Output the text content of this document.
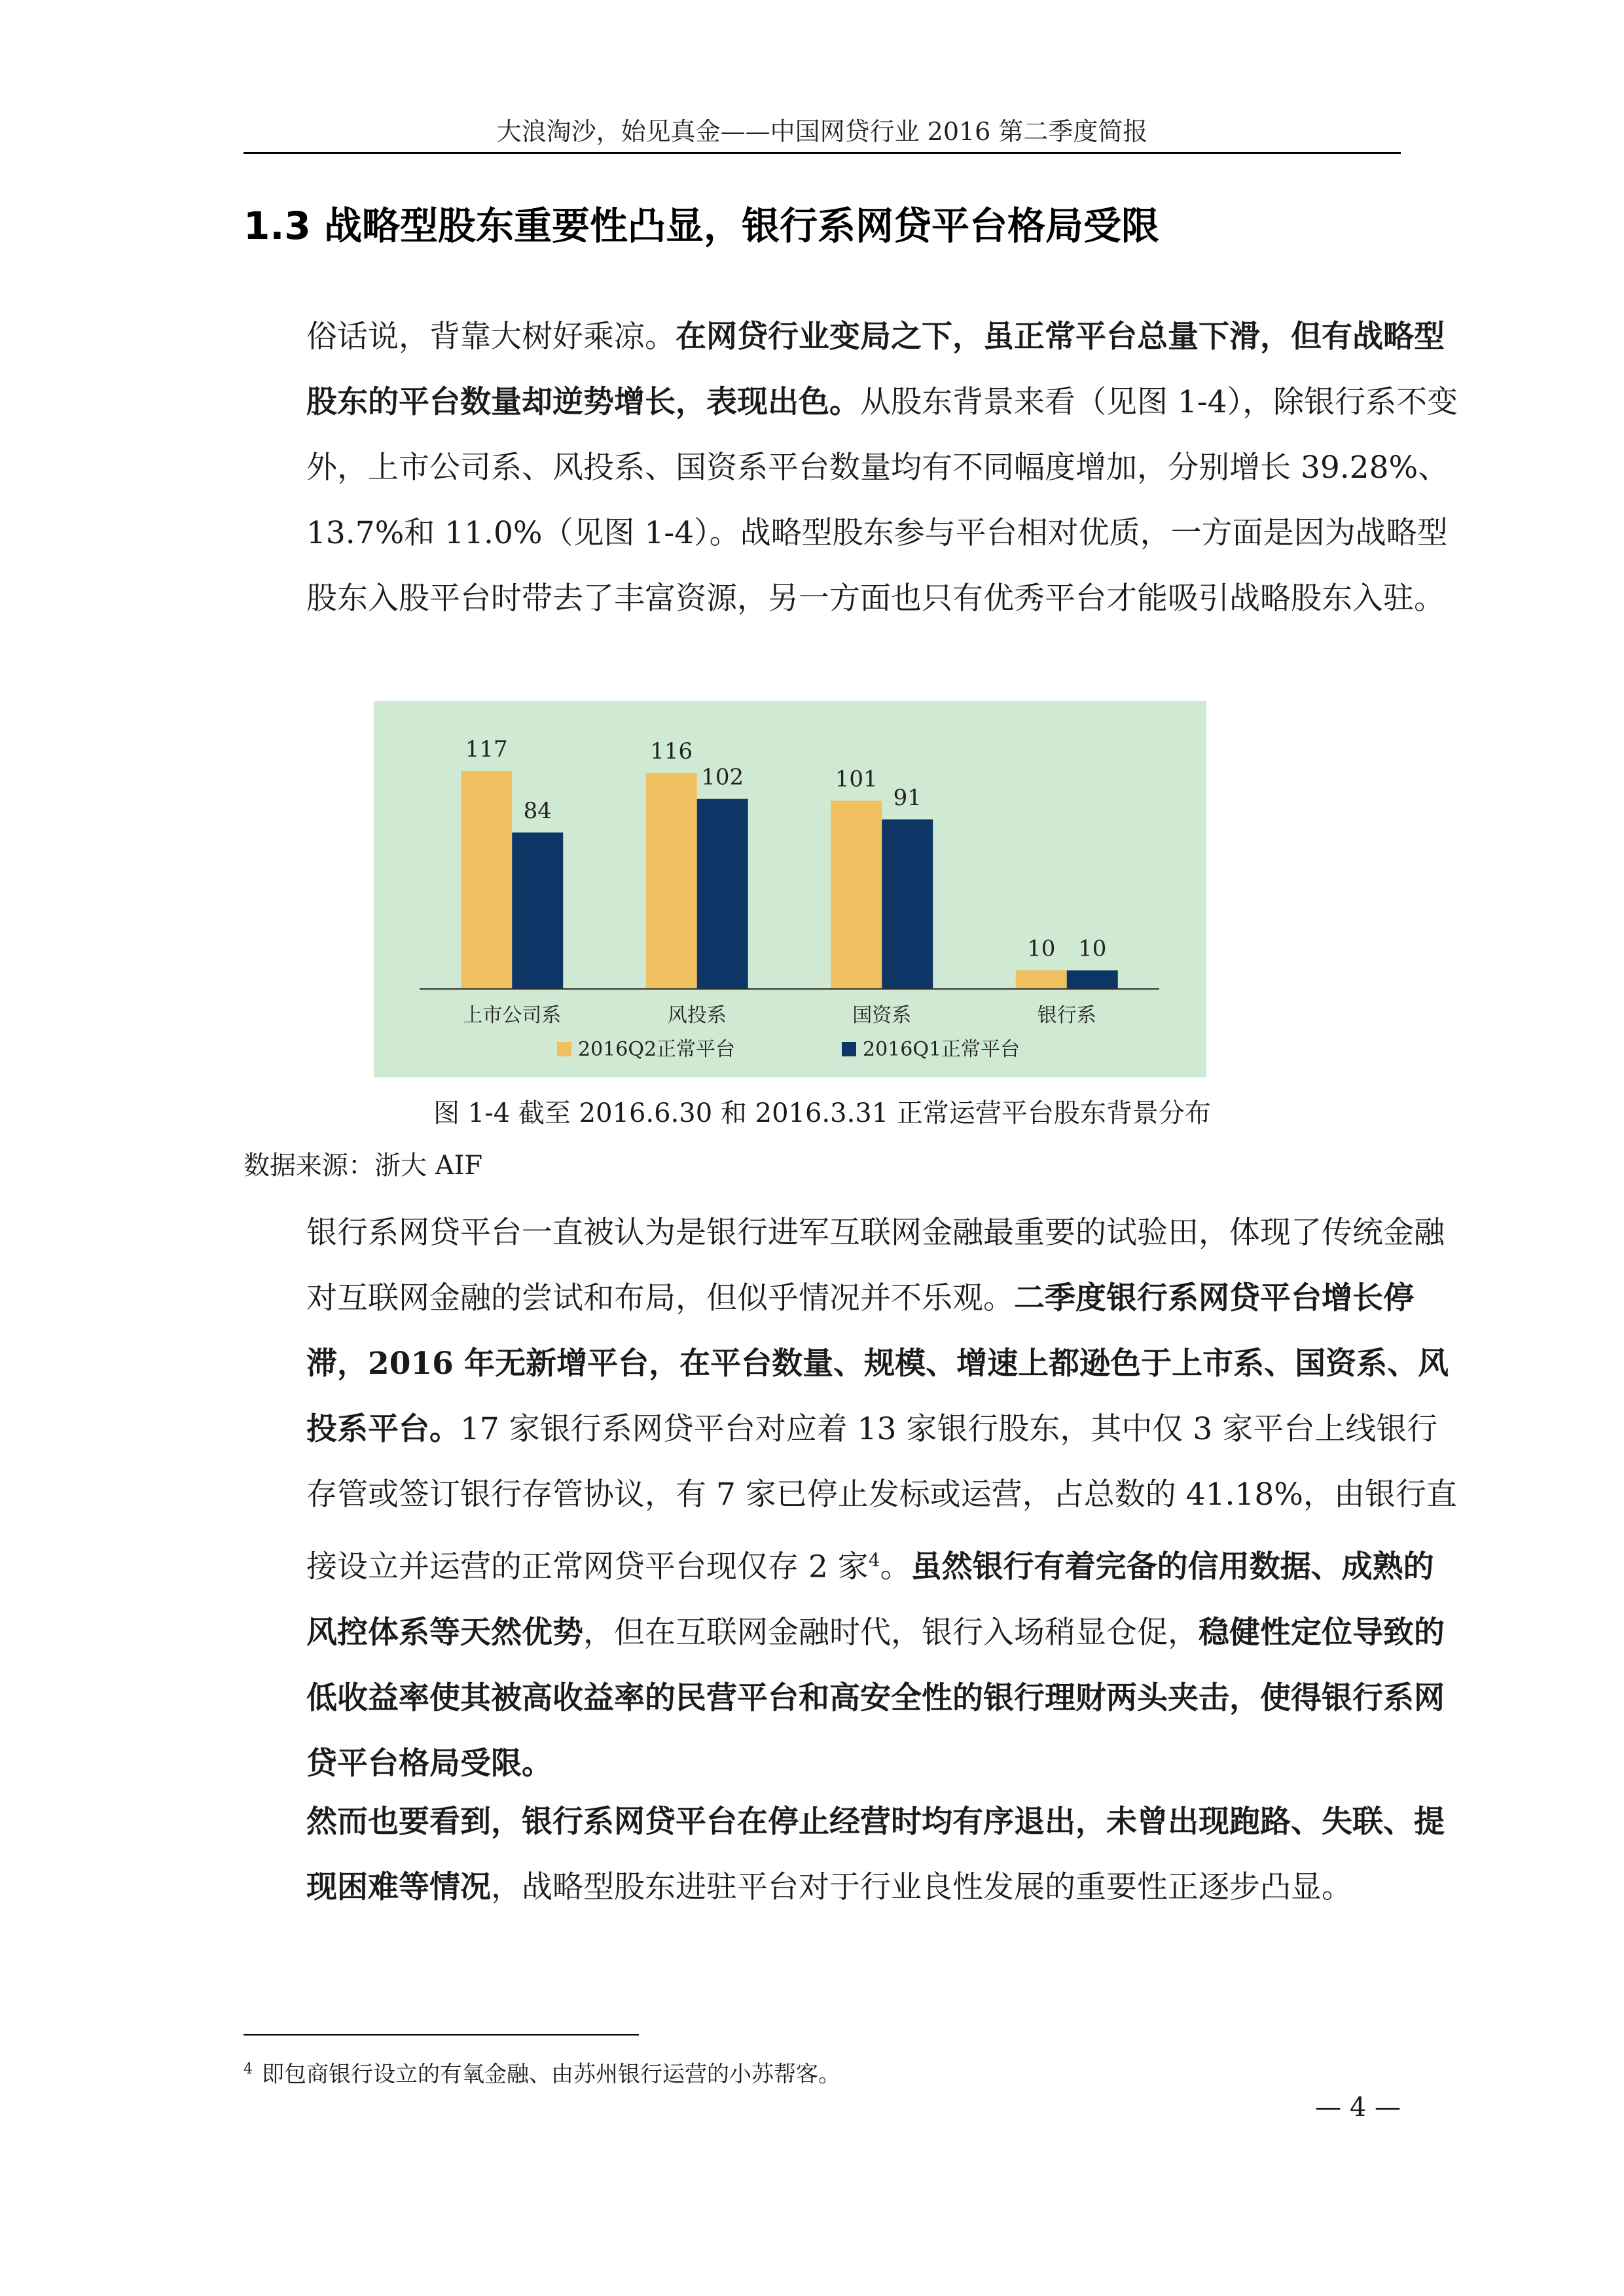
大浪淘沙，始见真金——中国网贷行业 2016 第二季度简报
1.3 战略型股东重要性凸显，银行系网贷平台格局受限

俗话说，背靠大树好乘凉。在网贷行业变局之下，虽正常平台总量下滑，但有战略型股东的平台数量却逆势增长，表现出色。从股东背景来看（见图 1-4），除银行系不变外，上市公司系、风投系、国资系平台数量均有不同幅度增加，分别增长 39.28%、13.7%和 11.0%（见图 1-4）。战略型股东参与平台相对优质，一方面是因为战略型股东入股平台时带去了丰富资源，另一方面也只有优秀平台才能吸引战略股东入驻。

117
84
上市公司系
116
102
风投系
101
91
国资系
10 10
银行系
2016Q2正常平台	2016Q1正常平台
图 1-4 截至 2016.6.30 和 2016.3.31 正常运营平台股东背景分布
数据来源：浙大 AIF

银行系网贷平台一直被认为是银行进军互联网金融最重要的试验田，体现了传统金融对互联网金融的尝试和布局，但似乎情况并不乐观。二季度银行系网贷平台增长停滞，2016 年无新增平台，在平台数量、规模、增速上都逊色于上市系、国资系、风投系平台。17 家银行系网贷平台对应着 13 家银行股东，其中仅 3 家平台上线银行存管或签订银行存管协议，有 7 家已停止发标或运营，占总数的 41.18%，由银行直接设立并运营的正常网贷平台现仅存 2 家$^4$。虽然银行有着完备的信用数据、成熟的风控体系等天然优势，但在互联网金融时代，银行入场稍显仓促，稳健性定位导致的低收益率使其被高收益率的民营平台和高安全性的银行理财两头夹击，使得银行系网贷平台格局受限。

然而也要看到，银行系网贷平台在停止经营时均有序退出，未曾出现跑路、失联、提现困难等情况，战略型股东进驻平台对于行业良性发展的重要性正逐步凸显。

$^4$ 即包商银行设立的有氧金融、由苏州银行运营的小苏帮客。
— 4 —
